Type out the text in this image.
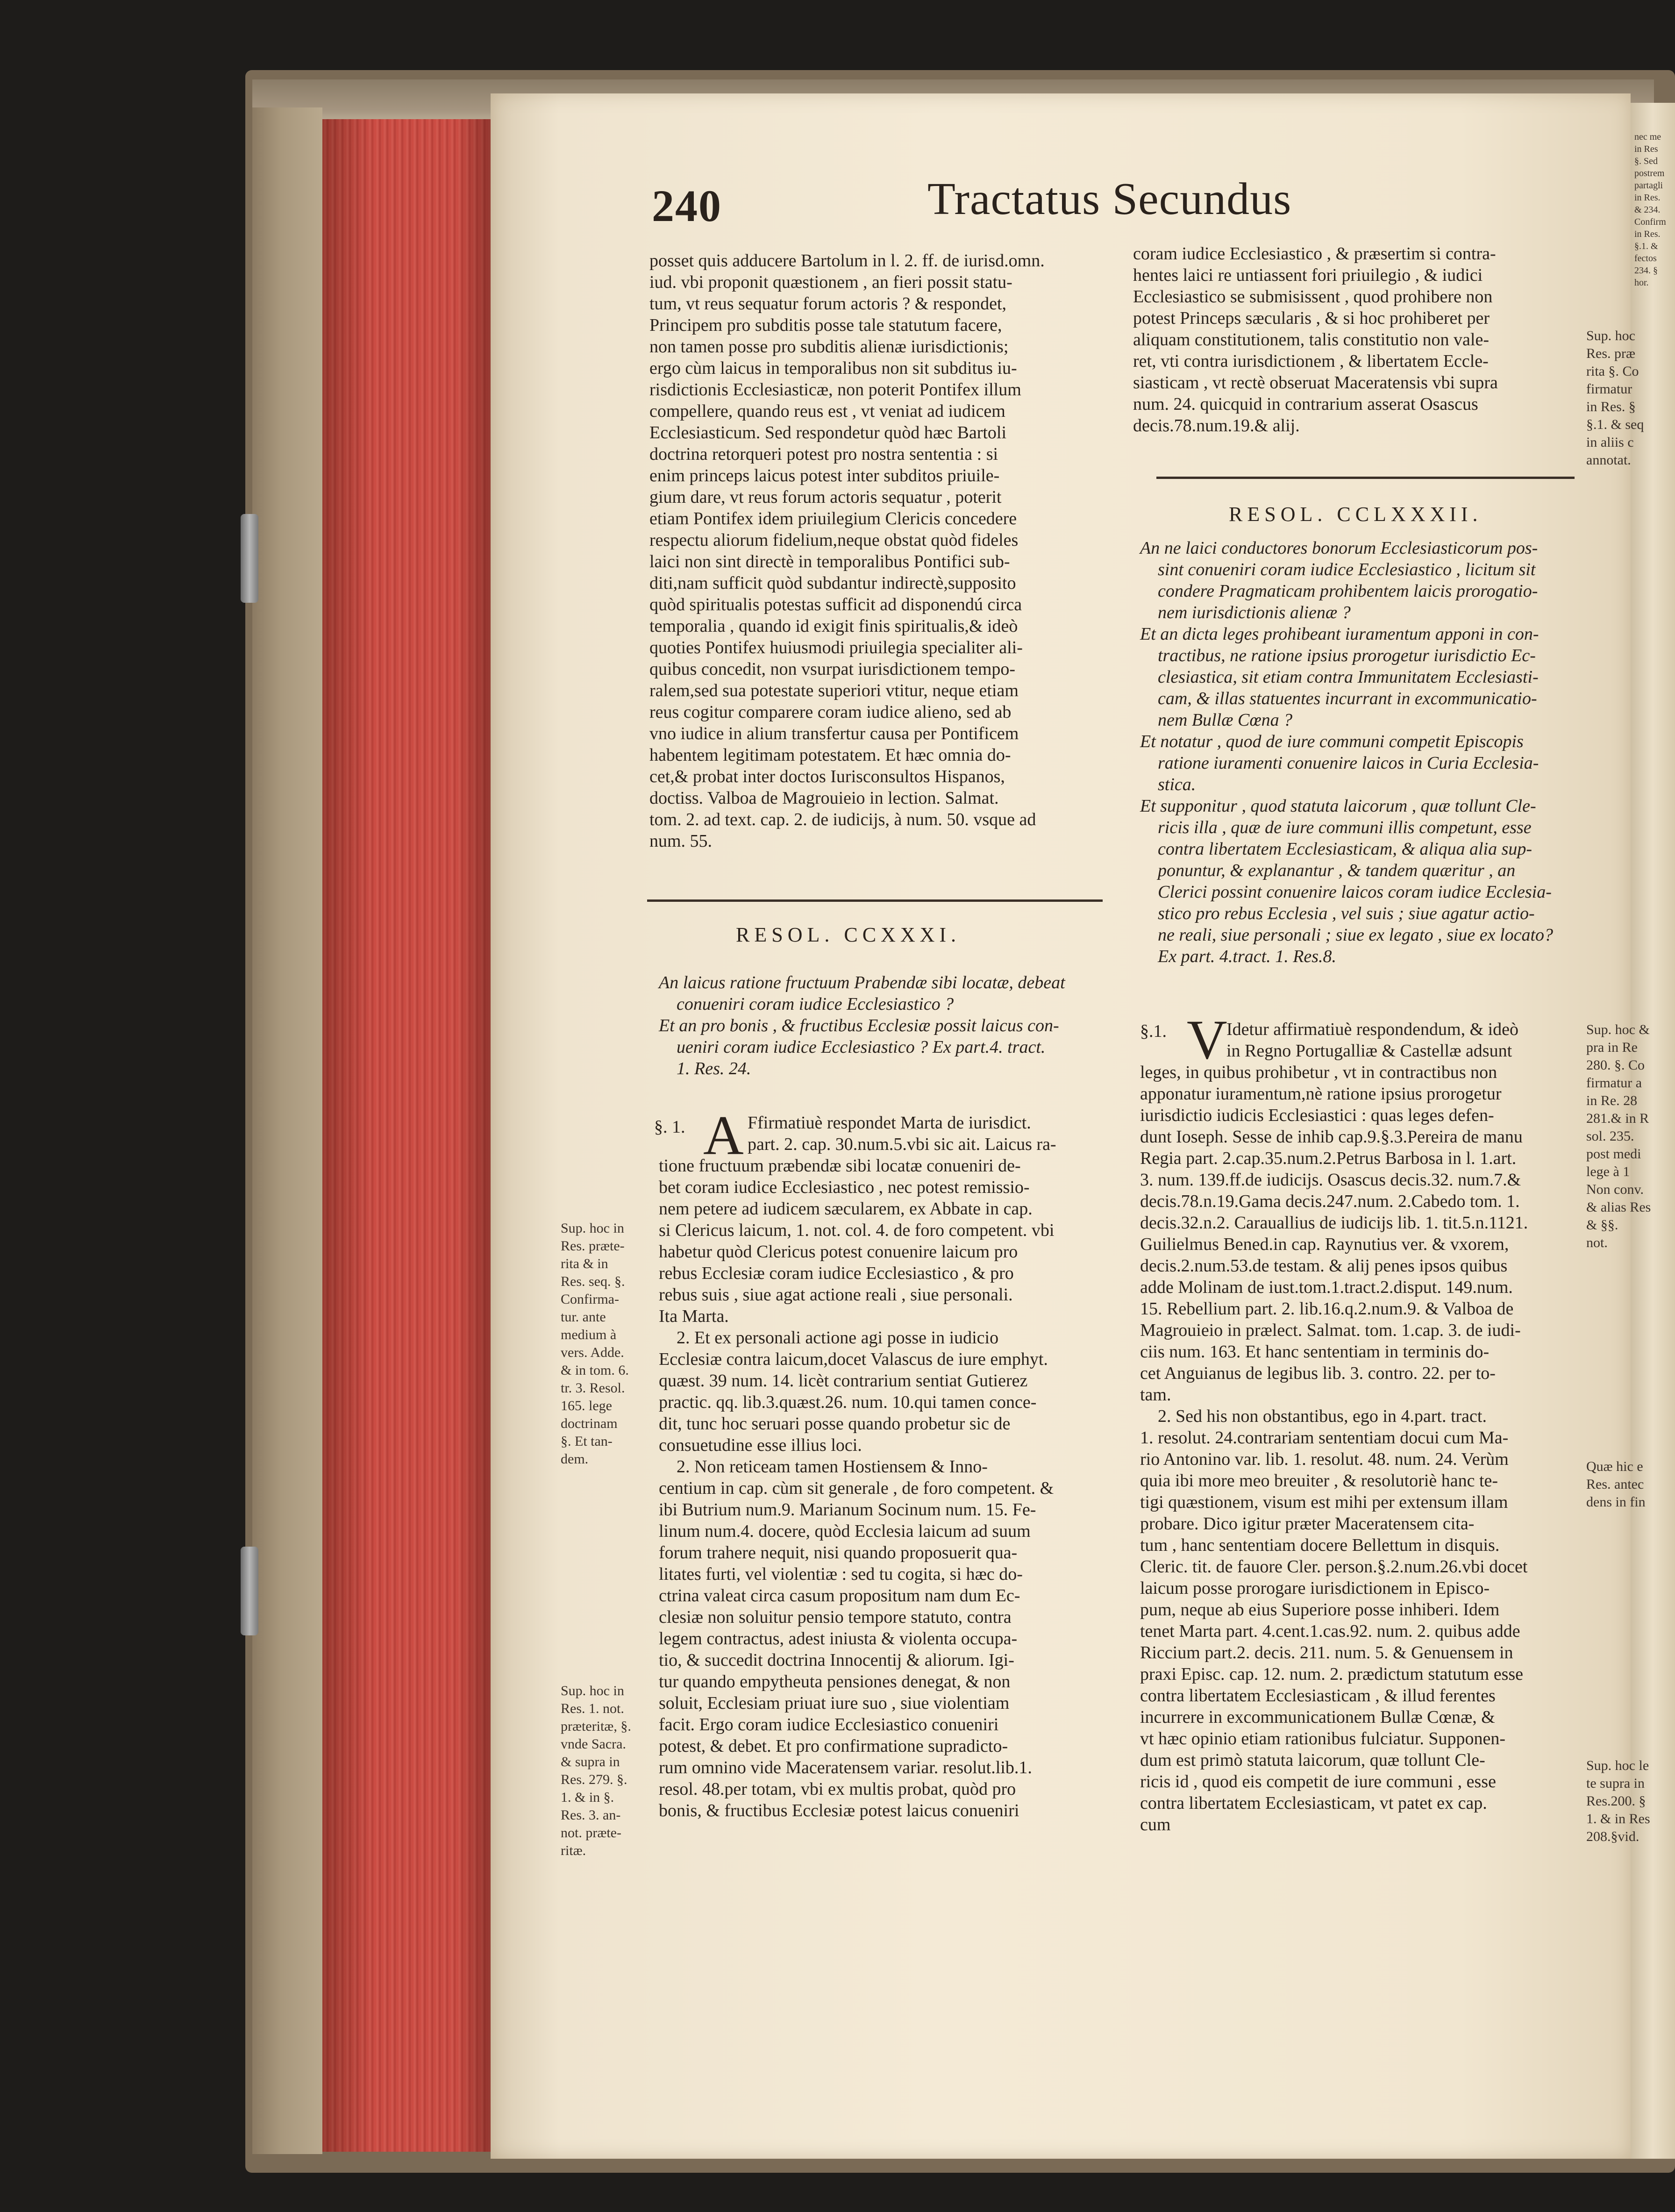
nec me
in Res
§. Sed
postrem
partagli
in Res.
& 234.
Confirm
in Res.
§.1. &
fectos
234. §
hor.
240	Tractatus Secundus
posset quis adducere Bartolum in l. 2. ff. de iurisd.omn.
iud. vbi proponit quæstionem , an fieri possit statu-
tum, vt reus sequatur forum actoris ? & respondet,
Principem pro subditis posse tale statutum facere,
non tamen posse pro subditis alienæ iurisdictionis;
ergo cùm laicus in temporalibus non sit subditus iu-
risdictionis Ecclesiasticæ, non poterit Pontifex illum
compellere, quando reus est , vt veniat ad iudicem
Ecclesiasticum. Sed respondetur quòd hæc Bartoli
doctrina retorqueri potest pro nostra sententia : si
enim princeps laicus potest inter subditos priuile-
gium dare, vt reus forum actoris sequatur , poterit
etiam Pontifex idem priuilegium Clericis concedere
respectu aliorum fidelium,neque obstat quòd fideles
laici non sint directè in temporalibus Pontifici sub-
diti,nam sufficit quòd subdantur indirectè,supposito
quòd spiritualis potestas sufficit ad disponendú circa
temporalia , quando id exigit finis spiritualis,& ideò
quoties Pontifex huiusmodi priuilegia specialiter ali-
quibus concedit, non vsurpat iurisdictionem tempo-
ralem,sed sua potestate superiori vtitur, neque etiam
reus cogitur comparere coram iudice alieno, sed ab
vno iudice in alium transfertur causa per Pontificem
habentem legitimam potestatem. Et hæc omnia do-
cet,& probat inter doctos Iurisconsultos Hispanos,
doctiss. Valboa de Magrouieio in lection. Salmat.
tom. 2. ad text. cap. 2. de iudicijs, à num. 50. vsque ad
num. 55.
RESOL. CCXXXI.
An laicus ratione fructuum Prabendæ sibi locatæ, debeat
conueniri coram iudice Ecclesiastico ?
Et an pro bonis , & fructibus Ecclesiæ possit laicus con-
ueniri coram iudice Ecclesiastico ? Ex part.4. tract.
1. Res. 24.
§. 1. A Ffirmatiuè respondet Marta de iurisdict.
part. 2. cap. 30.num.5.vbi sic ait. Laicus ra-
tione fructuum præbendæ sibi locatæ conueniri de-
bet coram iudice Ecclesiastico , nec potest remissio-
nem petere ad iudicem sæcularem, ex Abbate in cap.
si Clericus laicum, 1. not. col. 4. de foro competent. vbi
habetur quòd Clericus potest conuenire laicum pro
rebus Ecclesiæ coram iudice Ecclesiastico , & pro
rebus suis , siue agat actione reali , siue personali.
Ita Marta.
2. Et ex personali actione agi posse in iudicio
Ecclesiæ contra laicum,docet Valascus de iure emphyt.
quæst. 39 num. 14. licèt contrarium sentiat Gutierez
practic. qq. lib.3.quæst.26. num. 10.qui tamen conce-
dit, tunc hoc seruari posse quando probetur sic de
consuetudine esse illius loci.
2. Non reticeam tamen Hostiensem & Inno-
centium in cap. cùm sit generale , de foro competent. &
ibi Butrium num.9. Marianum Socinum num. 15. Fe-
linum num.4. docere, quòd Ecclesia laicum ad suum
forum trahere nequit, nisi quando proposuerit qua-
litates furti, vel violentiæ : sed tu cogita, si hæc do-
ctrina valeat circa casum propositum nam dum Ec-
clesiæ non soluitur pensio tempore statuto, contra
legem contractus, adest iniusta & violenta occupa-
tio, & succedit doctrina Innocentij & aliorum. Igi-
tur quando empytheuta pensiones denegat, & non
soluit, Ecclesiam priuat iure suo , siue violentiam
facit. Ergo coram iudice Ecclesiastico conueniri
potest, & debet. Et pro confirmatione supradicto-
rum omnino vide Maceratensem variar. resolut.lib.1.
resol. 48.per totam, vbi ex multis probat, quòd pro
bonis, & fructibus Ecclesiæ potest laicus conueniri
Sup. hoc in
Res. præte-
rita & in
Res. seq. §.
Confirma-
tur. ante
medium à
vers. Adde.
& in tom. 6.
tr. 3. Resol.
165. lege
doctrinam
§. Et tan-
dem.
Sup. hoc in
Res. 1. not.
præteritæ, §.
vnde Sacra.
& supra in
Res. 279. §.
1. & in §.
Res. 3. an-
not. præte-
ritæ.
coram iudice Ecclesiastico , & præsertim si contra-
hentes laici re untiassent fori priuilegio , & iudici
Ecclesiastico se submisissent , quod prohibere non
potest Princeps sæcularis , & si hoc prohiberet per
aliquam constitutionem, talis constitutio non vale-
ret, vti contra iurisdictionem , & libertatem Eccle-
siasticam , vt rectè obseruat Maceratensis vbi supra
num. 24. quicquid in contrarium asserat Osascus
decis.78.num.19.& alij.
RESOL. CCLXXXII.
An ne laici conductores bonorum Ecclesiasticorum pos-
sint conueniri coram iudice Ecclesiastico , licitum sit
condere Pragmaticam prohibentem laicis prorogatio-
nem iurisdictionis alienæ ?
Et an dicta leges prohibeant iuramentum apponi in con-
tractibus, ne ratione ipsius prorogetur iurisdictio Ec-
clesiastica, sit etiam contra Immunitatem Ecclesiasti-
cam, & illas statuentes incurrant in excommunicatio-
nem Bullæ Cœna ?
Et notatur , quod de iure communi competit Episcopis
ratione iuramenti conuenire laicos in Curia Ecclesia-
stica.
Et supponitur , quod statuta laicorum , quæ tollunt Cle-
ricis illa , quæ de iure communi illis competunt, esse
contra libertatem Ecclesiasticam, & aliqua alia sup-
ponuntur, & explanantur , & tandem quæritur , an
Clerici possint conuenire laicos coram iudice Ecclesia-
stico pro rebus Ecclesia , vel suis ; siue agatur actio-
ne reali, siue personali ; siue ex legato , siue ex locato?
Ex part. 4.tract. 1. Res.8.
§.1. V
Idetur affirmatiuè respondendum, & ideò
in Regno Portugalliæ & Castellæ adsunt
leges, in quibus prohibetur , vt in contractibus non
apponatur iuramentum,nè ratione ipsius prorogetur
iurisdictio iudicis Ecclesiastici : quas leges defen-
dunt Ioseph. Sesse de inhib cap.9.§.3.Pereira de manu
Regia part. 2.cap.35.num.2.Petrus Barbosa in l. 1.art.
3. num. 139.ff.de iudicijs. Osascus decis.32. num.7.&
decis.78.n.19.Gama decis.247.num. 2.Cabedo tom. 1.
decis.32.n.2. Carauallius de iudicijs lib. 1. tit.5.n.1121.
Guilielmus Bened.in cap. Raynutius ver. & vxorem,
decis.2.num.53.de testam. & alij penes ipsos quibus
adde Molinam de iust.tom.1.tract.2.disput. 149.num.
15. Rebellium part. 2. lib.16.q.2.num.9. & Valboa de
Magrouieio in prælect. Salmat. tom. 1.cap. 3. de iudi-
ciis num. 163. Et hanc sententiam in terminis do-
cet Anguianus de legibus lib. 3. contro. 22. per to-
tam.
2. Sed his non obstantibus, ego in 4.part. tract.
1. resolut. 24.contrariam sententiam docui cum Ma-
rio Antonino var. lib. 1. resolut. 48. num. 24. Verùm
quia ibi more meo breuiter , & resolutoriè hanc te-
tigi quæstionem, visum est mihi per extensum illam
probare. Dico igitur præter Maceratensem cita-
tum , hanc sententiam docere Bellettum in disquis.
Cleric. tit. de fauore Cler. person.§.2.num.26.vbi docet
laicum posse prorogare iurisdictionem in Episco-
pum, neque ab eius Superiore posse inhiberi. Idem
tenet Marta part. 4.cent.1.cas.92. num. 2. quibus adde
Riccium part.2. decis. 211. num. 5. & Genuensem in
praxi Episc. cap. 12. num. 2. prædictum statutum esse
contra libertatem Ecclesiasticam , & illud ferentes
incurrere in excommunicationem Bullæ Cœnæ, &
vt hæc opinio etiam rationibus fulciatur. Supponen-
dum est primò statuta laicorum, quæ tollunt Cle-
ricis id , quod eis competit de iure communi , esse
contra libertatem Ecclesiasticam, vt patet ex cap.
cum
Sup. hoc
Res. præ
rita §. Co
firmatur
in Res. §
§.1. & seq
in aliis c
annotat.
Sup. hoc &
pra in Re
280. §. Co
firmatur a
in Re. 28
281.& in R
sol. 235.
post medi
lege à 1
Non conv.
& alias Res
& §§.
not.
Quæ hic e
Res. antec
dens in fin
Sup. hoc le
te supra in
Res.200. §
1. & in Res
208.§vid.
